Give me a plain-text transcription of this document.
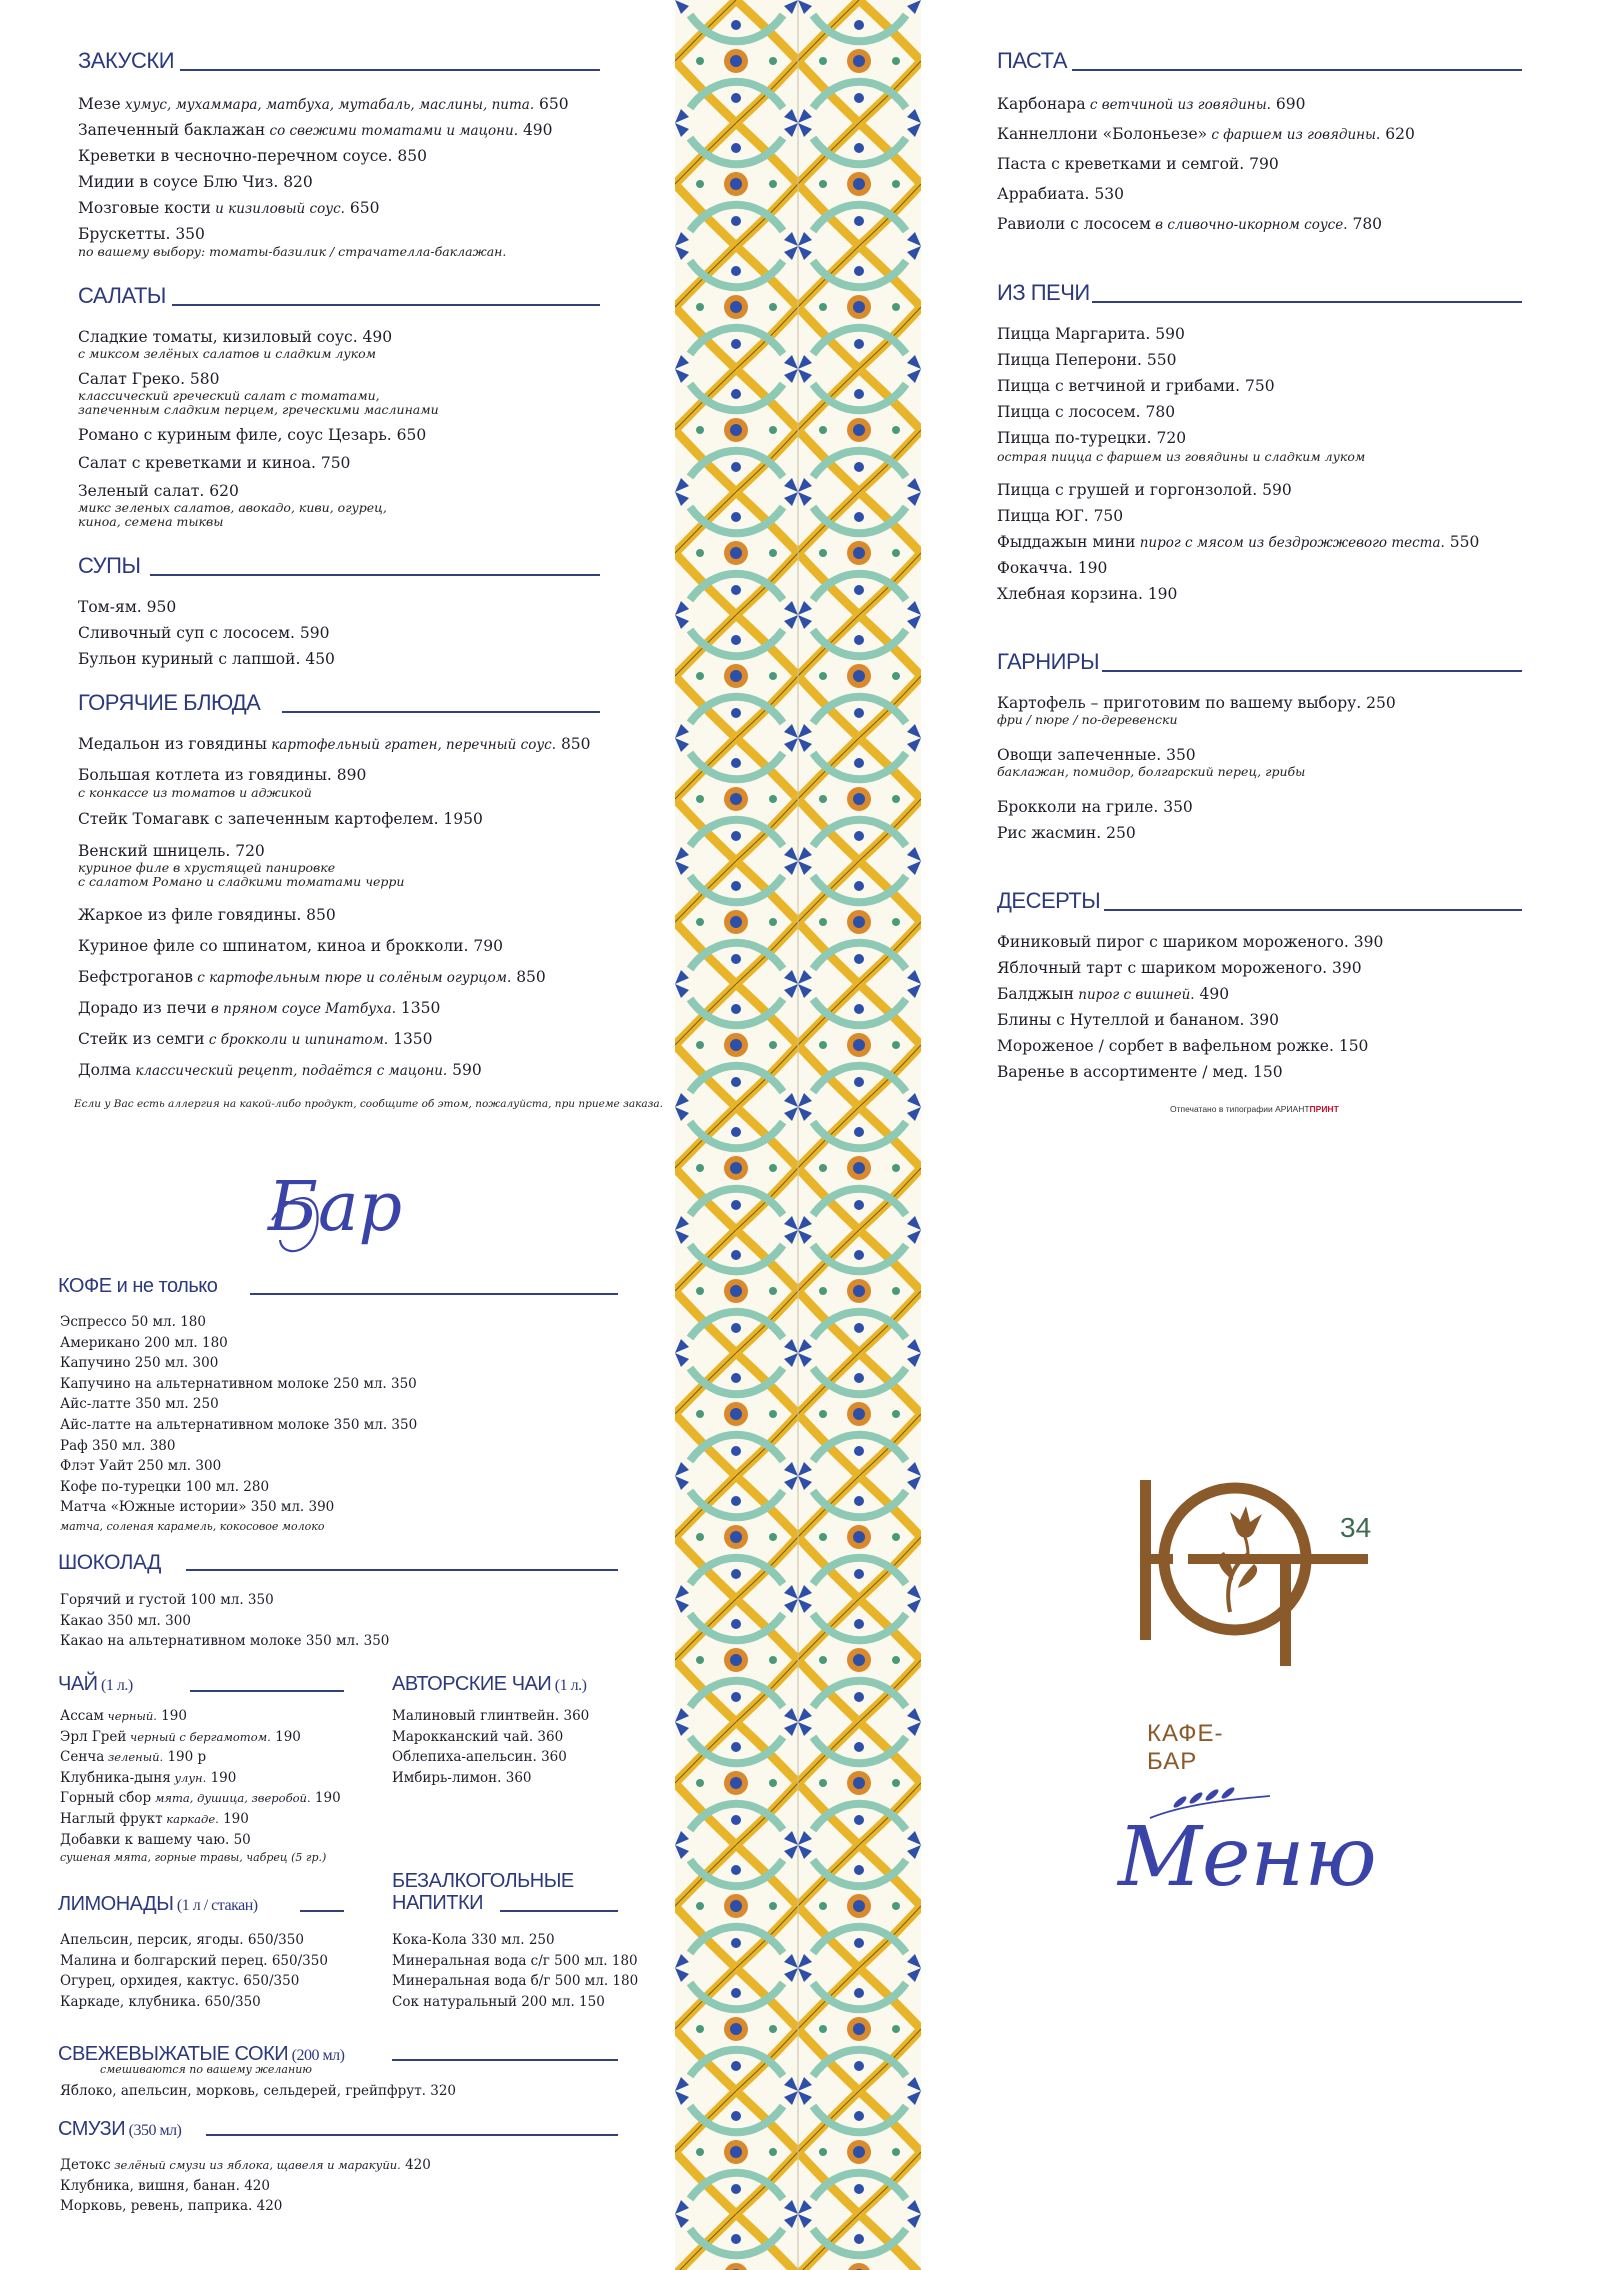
ЗАКУСКИ
Мезе хумус, мухаммара, матбуха, мутабаль, маслины, пита. 650
Запеченный баклажан со свежими томатами и мацони. 490
Креветки в чесночно-перечном соусе. 850
Мидии в соусе Блю Чиз. 820
Мозговые кости и кизиловый соус. 650
Брускетты. 350
по вашему выбору: томаты-базилик / страчателла-баклажан.
САЛАТЫ
Сладкие томаты, кизиловый соус. 490
с миксом зелёных салатов и сладким луком
Салат Греко. 580
классический греческий салат с томатами,
запеченным сладким перцем, греческими маслинами
Романо с куриным филе, соус Цезарь. 650
Салат с креветками и киноа. 750
Зеленый салат. 620
микс зеленых салатов, авокадо, киви, огурец,
киноа, семена тыквы
СУПЫ
Том-ям. 950
Сливочный суп с лососем. 590
Бульон куриный с лапшой. 450
ГОРЯЧИЕ БЛЮДА
Медальон из говядины картофельный гратен, перечный соус. 850
Большая котлета из говядины. 890
с конкассе из томатов и аджикой
Стейк Томагавк с запеченным картофелем. 1950
Венский шницель. 720
куриное филе в хрустящей панировке
с салатом Романо и сладкими томатами черри
Жаркое из филе говядины. 850
Куриное филе со шпинатом, киноа и брокколи. 790
Бефстроганов с картофельным пюре и солёным огурцом. 850
Дорадо из печи в пряном соусе Матбуха. 1350
Стейк из семги с брокколи и шпинатом. 1350
Долма классический рецепт, подаётся с мацони. 590
Если у Вас есть аллергия на какой-либо продукт, сообщите об этом, пожалуйста, при приеме заказа.
Бар
КОФЕ и не только
Эспрессо 50 мл. 180
Американо 200 мл. 180
Капучино 250 мл. 300
Капучино на альтернативном молоке 250 мл. 350
Айс-латте 350 мл. 250
Айс-латте на альтернативном молоке 350 мл. 350
Раф 350 мл. 380
Флэт Уайт 250 мл. 300
Кофе по-турецки 100 мл. 280
Матча «Южные истории» 350 мл. 390
матча, соленая карамель, кокосовое молоко
ШОКОЛАД
Горячий и густой 100 мл. 350
Какао 350 мл. 300
Какао на альтернативном молоке 350 мл. 350
ЧАЙ (1 л.)
Ассам черный. 190
Эрл Грей черный с бергамотом. 190
Сенча зеленый. 190 р
Клубника-дыня улун. 190
Горный сбор мята, душица, зверобой. 190
Наглый фрукт каркаде. 190
Добавки к вашему чаю. 50
сушеная мята, горные травы, чабрец (5 гр.)
АВТОРСКИЕ ЧАИ (1 л.)
Малиновый глинтвейн. 360
Марокканский чай. 360
Облепиха-апельсин. 360
Имбирь-лимон. 360
ЛИМОНАДЫ (1 л / стакан)
Апельсин, персик, ягоды. 650/350
Малина и болгарский перец. 650/350
Огурец, орхидея, кактус. 650/350
Каркаде, клубника. 650/350
БЕЗАЛКОГОЛЬНЫЕ
НАПИТКИ
Кока-Кола 330 мл. 250
Минеральная вода с/г 500 мл. 180
Минеральная вода б/г 500 мл. 180
Сок натуральный 200 мл. 150
СВЕЖЕВЫЖАТЫЕ СОКИ (200 мл)
смешиваются по вашему желанию
Яблоко, апельсин, морковь, сельдерей, грейпфрут. 320
СМУЗИ (350 мл)
Детокс зелёный смузи из яблока, щавеля и маракуйи. 420
Клубника, вишня, банан. 420
Морковь, ревень, паприка. 420
ПАСТА
Карбонара с ветчиной из говядины. 690
Каннеллони «Болоньезе» с фаршем из говядины. 620
Паста с креветками и семгой. 790
Аррабиата. 530
Равиоли с лососем в сливочно-икорном соусе. 780
ИЗ ПЕЧИ
Пицца Маргарита. 590
Пицца Пеперони. 550
Пицца с ветчиной и грибами. 750
Пицца с лососем. 780
Пицца по-турецки. 720
Пицца с грушей и горгонзолой. 590
Пицца ЮГ. 750
Фыддажын мини пирог с мясом из бездрожжевого теста. 550
Фокачча. 190
Хлебная корзина. 190
острая пицца с фаршем из говядины и сладким луком
ГАРНИРЫ
Картофель – приготовим по вашему выбору. 250
фри / пюре / по-деревенски
Овощи запеченные. 350
баклажан, помидор, болгарский перец, грибы
Брокколи на гриле. 350
Рис жасмин. 250
ДЕСЕРТЫ
Финиковый пирог с шариком мороженого. 390
Яблочный тарт с шариком мороженого. 390
Балджын пирог с вишней. 490
Блины с Нутеллой и бананом. 390
Мороженое / сорбет в вафельном рожке. 150
Варенье в ассортименте / мед. 150
Отпечатано в типографии АРИАНТПРИНТ
34
КАФЕ-БАР
Меню
